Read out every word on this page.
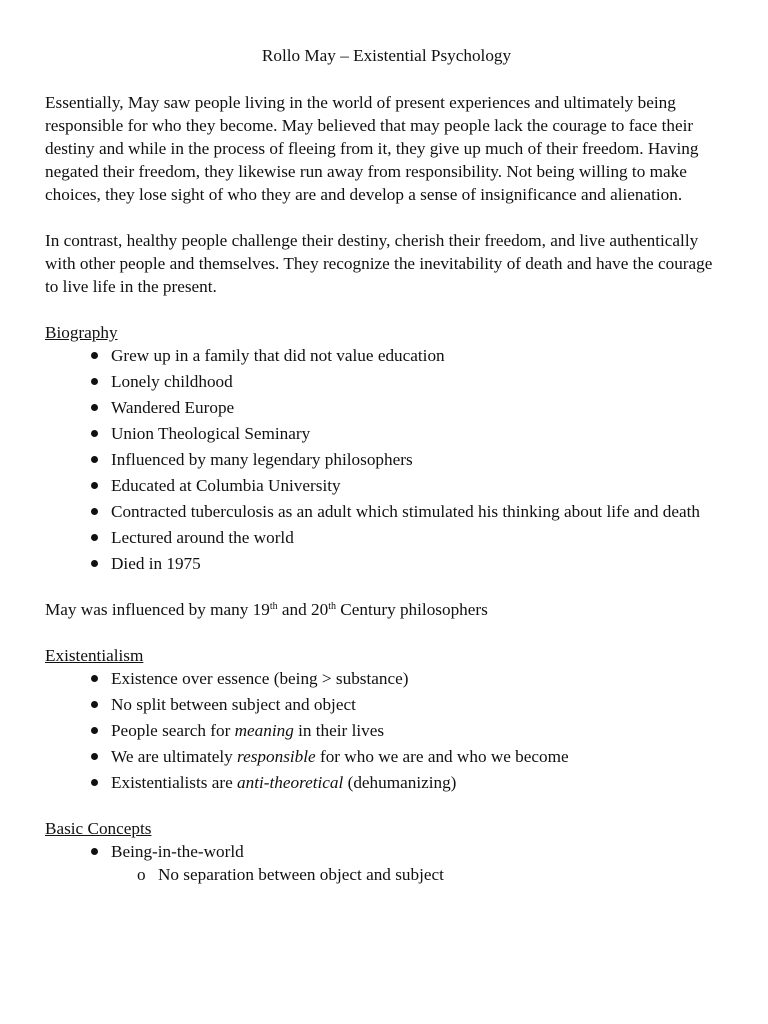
Rollo May – Existential Psychology

Essentially, May saw people living in the world of present experiences and ultimately being responsible for who they become. May believed that may people lack the courage to face their destiny and while in the process of fleeing from it, they give up much of their freedom. Having negated their freedom, they likewise run away from responsibility. Not being willing to make choices, they lose sight of who they are and develop a sense of insignificance and alienation.

In contrast, healthy people challenge their destiny, cherish their freedom, and live authentically with other people and themselves. They recognize the inevitability of death and have the courage to live life in the present.

Biography
Grew up in a family that did not value education
Lonely childhood
Wandered Europe
Union Theological Seminary
Influenced by many legendary philosophers
Educated at Columbia University
Contracted tuberculosis as an adult which stimulated his thinking about life and death
Lectured around the world
Died in 1975

May was influenced by many 19th and 20th Century philosophers

Existentialism
Existence over essence (being > substance)
No split between subject and object
People search for meaning in their lives
We are ultimately responsible for who we are and who we become
Existentialists are anti-theoretical (dehumanizing)
Basic Concepts
Being-in-the-world
o No separation between object and subject
